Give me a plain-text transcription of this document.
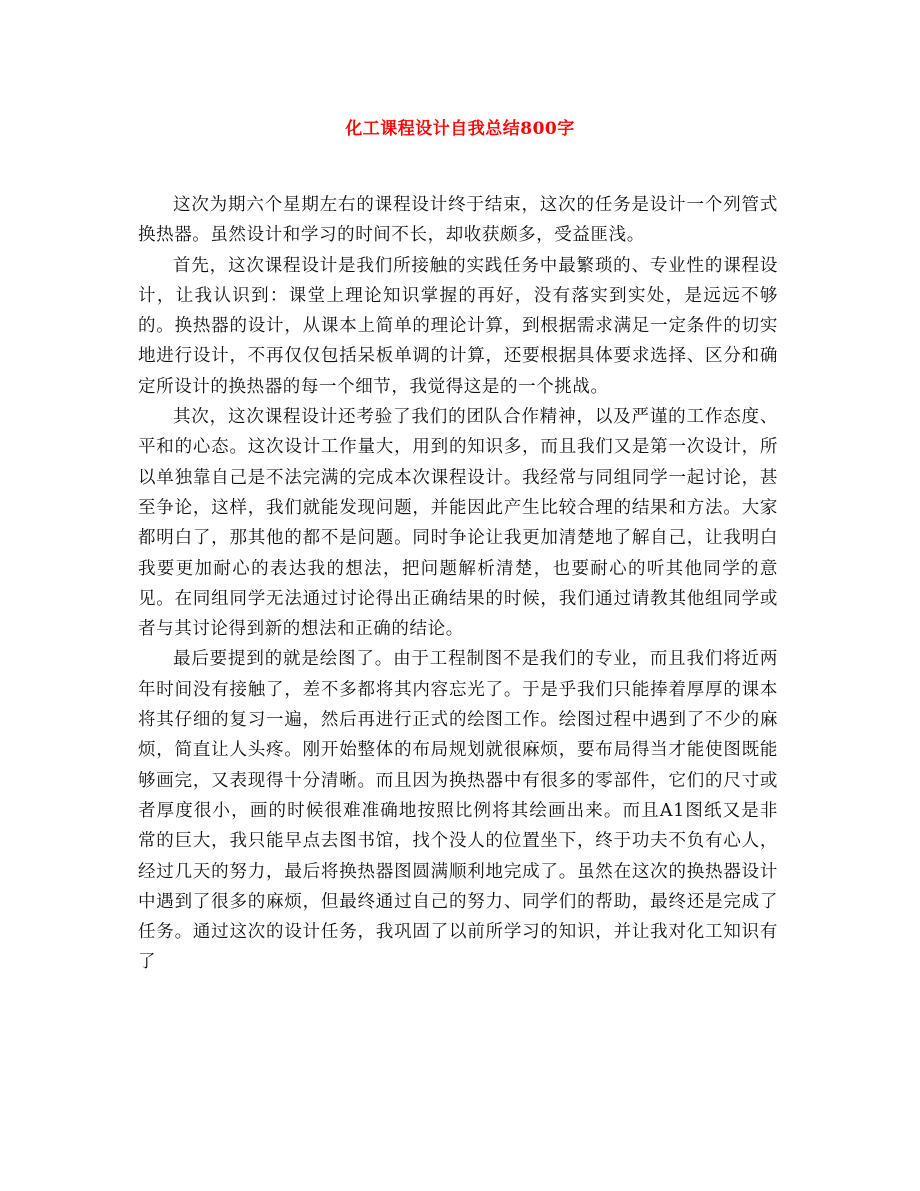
化工课程设计自我总结800字

这次为期六个星期左右的课程设计终于结束，这次的任务是设计一个列管式换热器。虽然设计和学习的时间不长，却收获颇多，受益匪浅。

首先，这次课程设计是我们所接触的实践任务中最繁琐的、专业性的课程设计，让我认识到：课堂上理论知识掌握的再好，没有落实到实处，是远远不够的。换热器的设计，从课本上简单的理论计算，到根据需求满足一定条件的切实地进行设计，不再仅仅包括呆板单调的计算，还要根据具体要求选择、区分和确定所设计的换热器的每一个细节，我觉得这是的一个挑战。

其次，这次课程设计还考验了我们的团队合作精神，以及严谨的工作态度、平和的心态。这次设计工作量大，用到的知识多，而且我们又是第一次设计，所以单独靠自己是不法完满的完成本次课程设计。我经常与同组同学一起讨论，甚至争论，这样，我们就能发现问题，并能因此产生比较合理的结果和方法。大家都明白了，那其他的都不是问题。同时争论让我更加清楚地了解自己，让我明白我要更加耐心的表达我的想法，把问题解析清楚，也要耐心的听其他同学的意见。在同组同学无法通过讨论得出正确结果的时候，我们通过请教其他组同学或者与其讨论得到新的想法和正确的结论。

最后要提到的就是绘图了。由于工程制图不是我们的专业，而且我们将近两年时间没有接触了，差不多都将其内容忘光了。于是乎我们只能捧着厚厚的课本将其仔细的复习一遍，然后再进行正式的绘图工作。绘图过程中遇到了不少的麻烦，简直让人头疼。刚开始整体的布局规划就很麻烦，要布局得当才能使图既能够画完，又表现得十分清晰。而且因为换热器中有很多的零部件，它们的尺寸或者厚度很小，画的时候很难准确地按照比例将其绘画出来。而且A1图纸又是非常的巨大，我只能早点去图书馆，找个没人的位置坐下，终于功夫不负有心人，经过几天的努力，最后将换热器图圆满顺利地完成了。虽然在这次的换热器设计中遇到了很多的麻烦，但最终通过自己的努力、同学们的帮助，最终还是完成了任务。通过这次的设计任务，我巩固了以前所学习的知识，并让我对化工知识有了
